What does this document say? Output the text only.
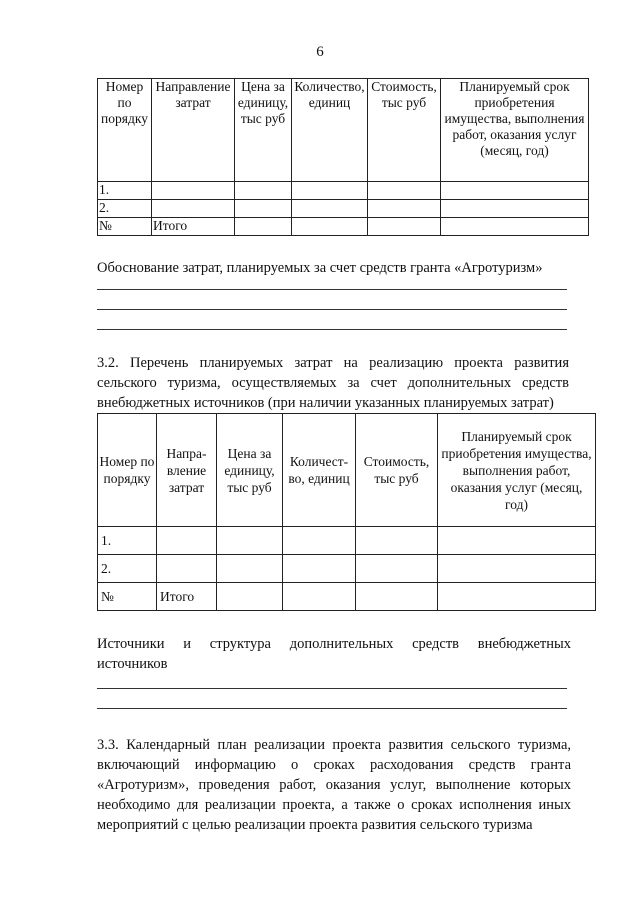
6
Номер по порядку	Направление затрат	Цена за единицу, тыс руб	Количество, единиц	Стоимость, тыс руб	Планируемый срок приобретения имущества, выполнения работ, оказания услуг (месяц, год)
1.					
2.					
№	Итого				
Обоснование затрат, планируемых за счет средств гранта «Агротуризм»
3.2. Перечень планируемых затрат на реализацию проекта развития
сельского туризма, осуществляемых за счет дополнительных средств
внебюджетных источников (при наличии указанных планируемых затрат)
Номер по порядку	Напра-вление затрат	Цена за единицу, тыс руб	Количест-во, единиц	Стоимость, тыс руб	Планируемый срок приобретения имущества, выполнения работ, оказания услуг (месяц, год)
1.					
2.					
№	Итого				
Источники и структура дополнительных средств внебюджетных
источников
3.3. Календарный план реализации проекта развития сельского туризма,
включающий информацию о сроках расходования средств гранта
«Агротуризм», проведения работ, оказания услуг, выполнение которых
необходимо для реализации проекта, а также о сроках исполнения иных
мероприятий с целью реализации проекта развития сельского туризма
